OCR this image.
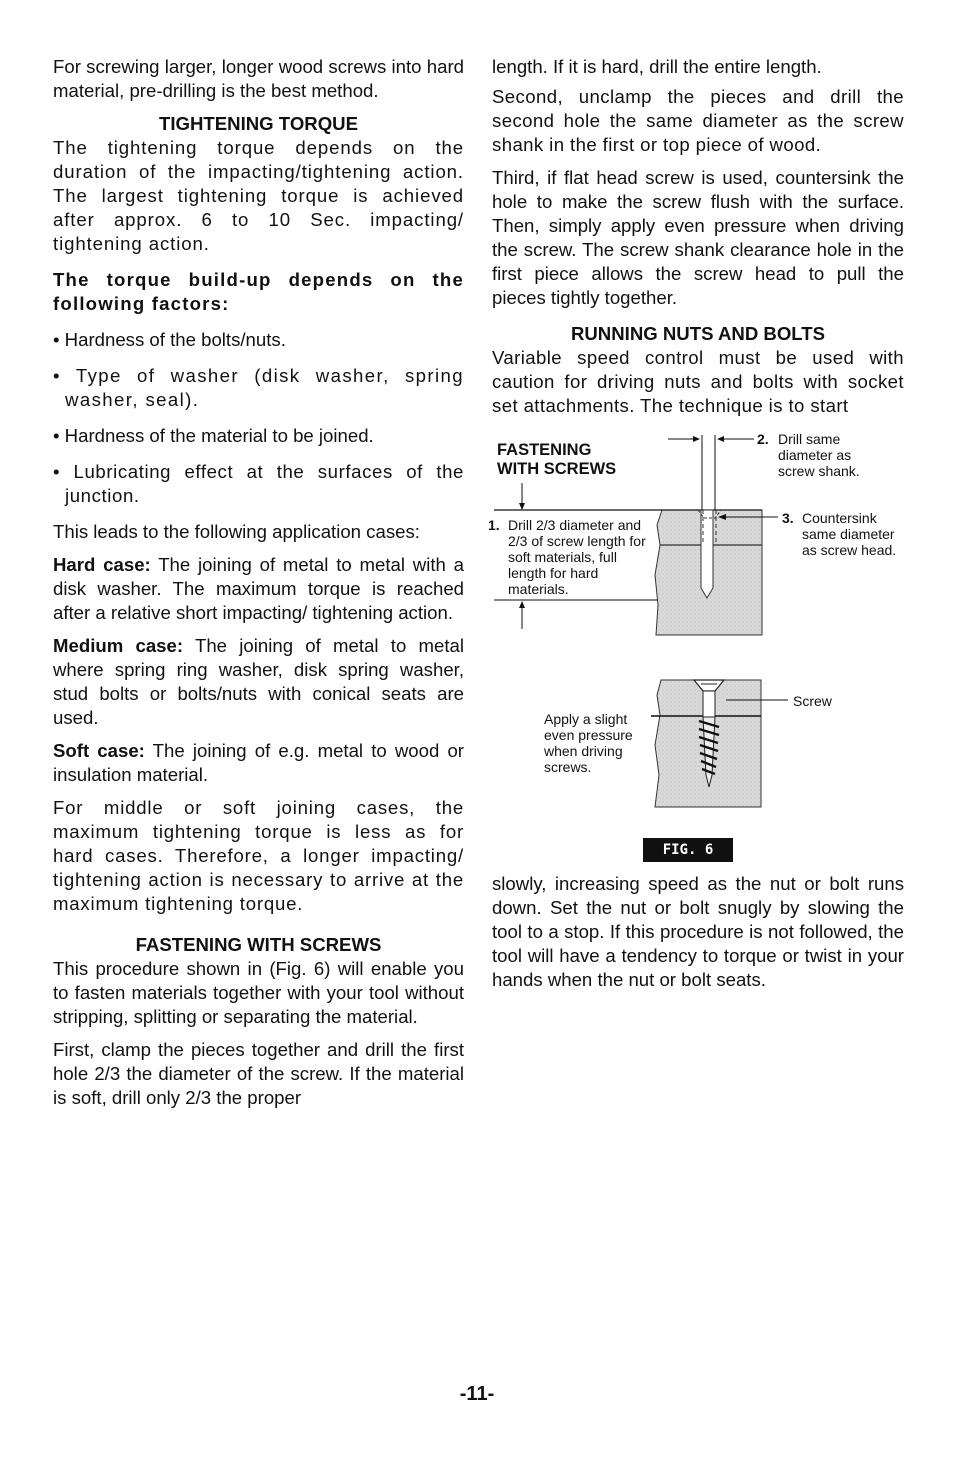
For screwing larger, longer wood screws into hard material, pre-drilling is the best method.

TIGHTENING TORQUE

The tightening torque depends on the duration of the impacting/tightening action. The largest tightening torque is achieved after approx. 6 to 10 Sec. impacting/ tightening action.

The torque build-up depends on the following factors:

• Hardness of the bolts/nuts.

• Type of washer (disk washer, spring washer, seal).

• Hardness of the material to be joined.

• Lubricating effect at the surfaces of the junction.

This leads to the following application cases:

Hard case: The joining of metal to metal with a disk washer. The maximum torque is reached after a relative short impacting/ tightening action.

Medium case: The joining of metal to metal where spring ring washer, disk spring washer, stud bolts or bolts/nuts with conical seats are used.

Soft case: The joining of e.g. metal to wood or insulation material.

For middle or soft joining cases, the maximum tightening torque is less as for hard cases. Therefore, a longer impacting/ tightening action is necessary to arrive at the maximum tightening torque.

FASTENING WITH SCREWS

This procedure shown in (Fig. 6) will enable you to fasten materials together with your tool without stripping, splitting or separating the material.

First, clamp the pieces together and drill the first hole 2/3 the diameter of the screw. If the material is soft, drill only 2/3 the proper

length. If it is hard, drill the entire length.

Second, unclamp the pieces and drill the second hole the same diameter as the screw shank in the first or top piece of wood.

Third, if flat head screw is used, countersink the hole to make the screw flush with the surface. Then, simply apply even pressure when driving the screw. The screw shank clearance hole in the first piece allows the screw head to pull the pieces tightly together.

RUNNING NUTS AND BOLTS

Variable speed control must be used with caution for driving nuts and bolts with socket set attachments. The technique is to start

slowly, increasing speed as the nut or bolt runs down. Set the nut or bolt snugly by slowing the tool to a stop. If this procedure is not followed, the tool will have a tendency to torque or twist in your hands when the nut or bolt seats.

FASTENING
WITH SCREWS
1. Drill 2/3 diameter and
2/3 of screw length for
soft materials, full
length for hard
materials.
2. Drill same
diameter as
screw shank.
3. Countersink
same diameter
as screw head.
Screw
Apply a slight
even pressure
when driving
screws.
FIG. 6
-11-
